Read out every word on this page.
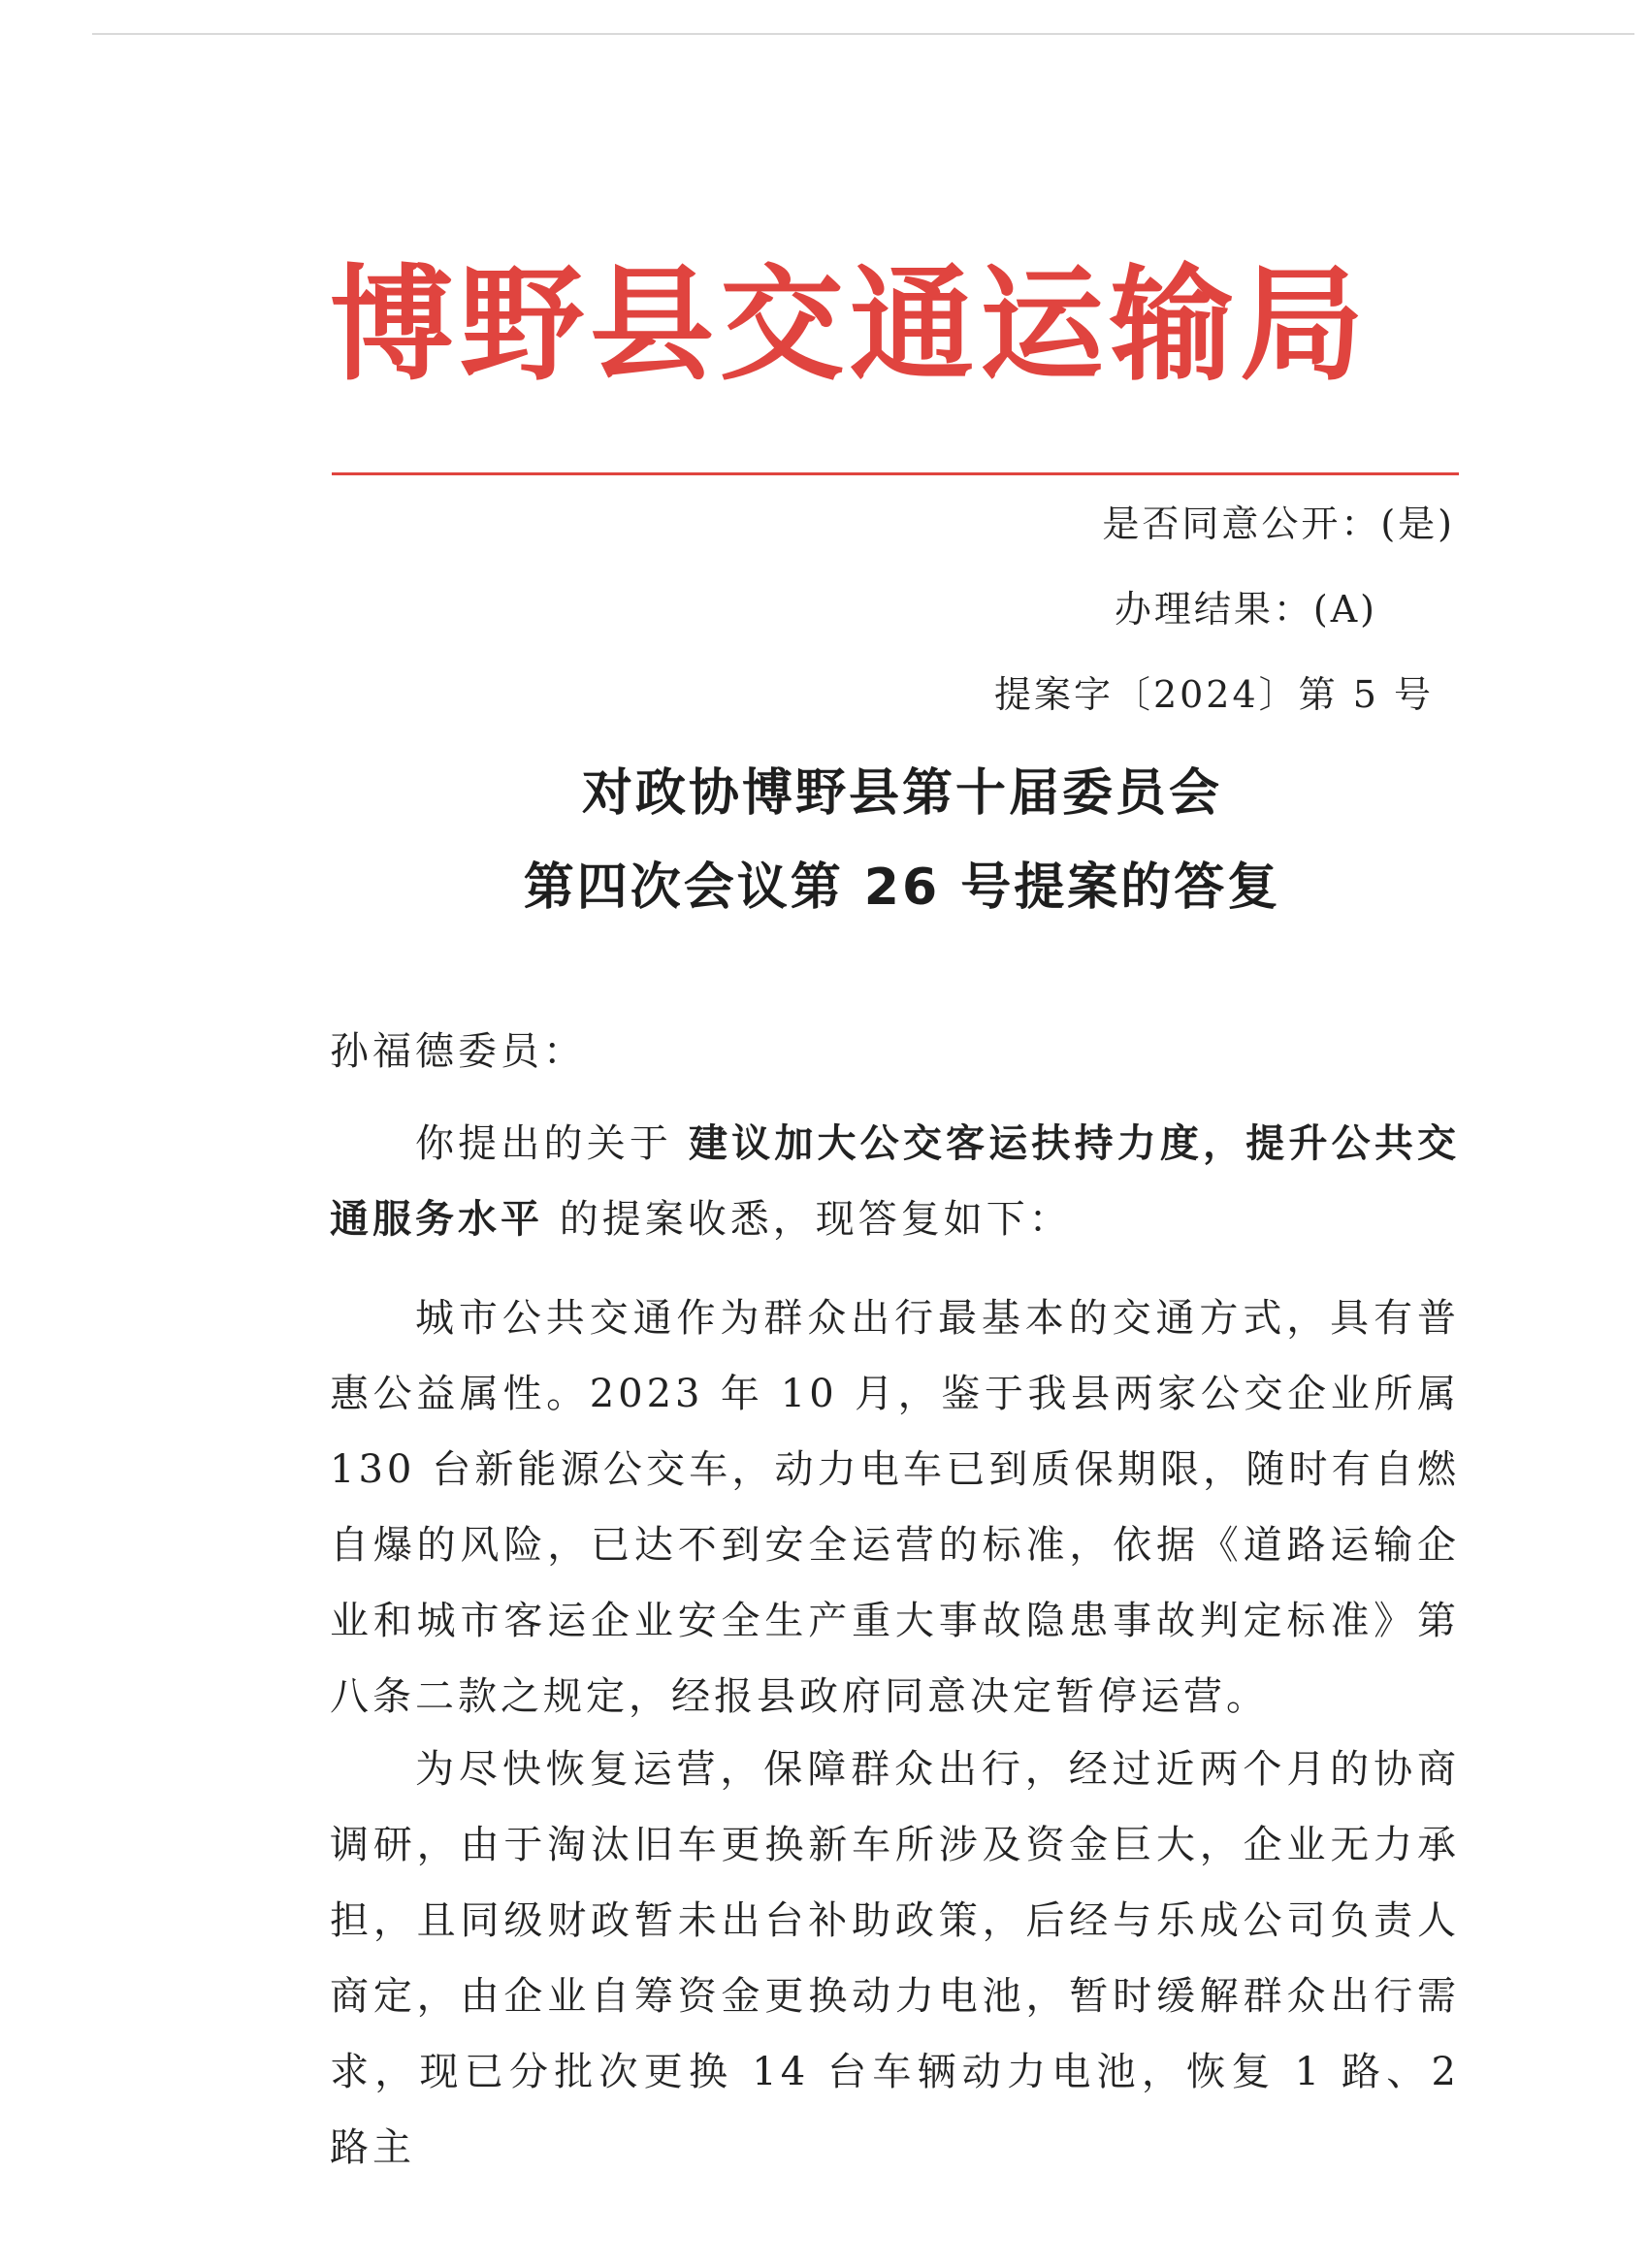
博野县交通运输局
是否同意公开：(是)
办理结果：(A)
提案字〔2024〕第 5 号
对政协博野县第十届委员会
第四次会议第 26 号提案的答复
孙福德委员：

你提出的关于 建议加大公交客运扶持力度，提升公共交通服务水平 的提案收悉，现答复如下：

城市公共交通作为群众出行最基本的交通方式，具有普惠公益属性。2023 年 10 月，鉴于我县两家公交企业所属 130 台新能源公交车，动力电车已到质保期限，随时有自燃自爆的风险，已达不到安全运营的标准，依据《道路运输企业和城市客运企业安全生产重大事故隐患事故判定标准》第八条二款之规定，经报县政府同意决定暂停运营。

为尽快恢复运营，保障群众出行，经过近两个月的协商调研，由于淘汰旧车更换新车所涉及资金巨大，企业无力承担，且同级财政暂未出台补助政策，后经与乐成公司负责人商定，由企业自筹资金更换动力电池，暂时缓解群众出行需求，现已分批次更换 14 台车辆动力电池，恢复 1 路、2 路主
